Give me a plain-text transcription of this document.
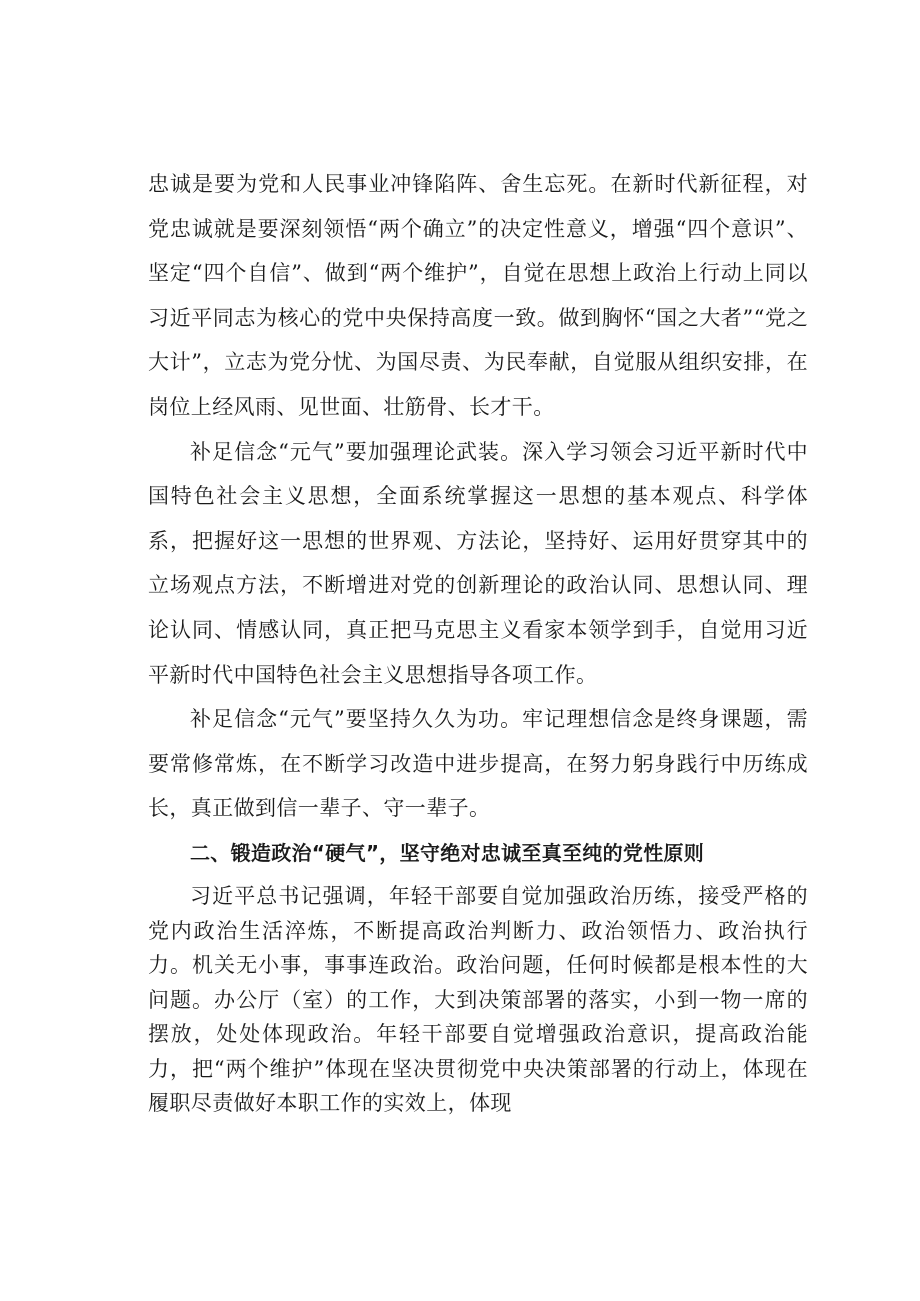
忠诚是要为党和人民事业冲锋陷阵、舍生忘死。在新时代新征程，对党忠诚就是要深刻领悟“两个确立”的决定性意义，增强“四个意识”、坚定“四个自信”、做到“两个维护”，自觉在思想上政治上行动上同以习近平同志为核心的党中央保持高度一致。做到胸怀“国之大者”“党之大计”，立志为党分忧、为国尽责、为民奉献，自觉服从组织安排，在岗位上经风雨、见世面、壮筋骨、长才干。

补足信念“元气”要加强理论武装。深入学习领会习近平新时代中国特色社会主义思想，全面系统掌握这一思想的基本观点、科学体系，把握好这一思想的世界观、方法论，坚持好、运用好贯穿其中的立场观点方法，不断增进对党的创新理论的政治认同、思想认同、理论认同、情感认同，真正把马克思主义看家本领学到手，自觉用习近平新时代中国特色社会主义思想指导各项工作。

补足信念“元气”要坚持久久为功。牢记理想信念是终身课题，需要常修常炼，在不断学习改造中进步提高，在努力躬身践行中历练成长，真正做到信一辈子、守一辈子。

二、锻造政治“硬气”，坚守绝对忠诚至真至纯的党性原则

习近平总书记强调，年轻干部要自觉加强政治历练，接受严格的党内政治生活淬炼，不断提高政治判断力、政治领悟力、政治执行力。机关无小事，事事连政治。政治问题，任何时候都是根本性的大问题。办公厅（室）的工作，大到决策部署的落实，小到一物一席的摆放，处处体现政治。年轻干部要自觉增强政治意识，提高政治能力，把“两个维护”体现在坚决贯彻党中央决策部署的行动上，体现在履职尽责做好本职工作的实效上，体现
